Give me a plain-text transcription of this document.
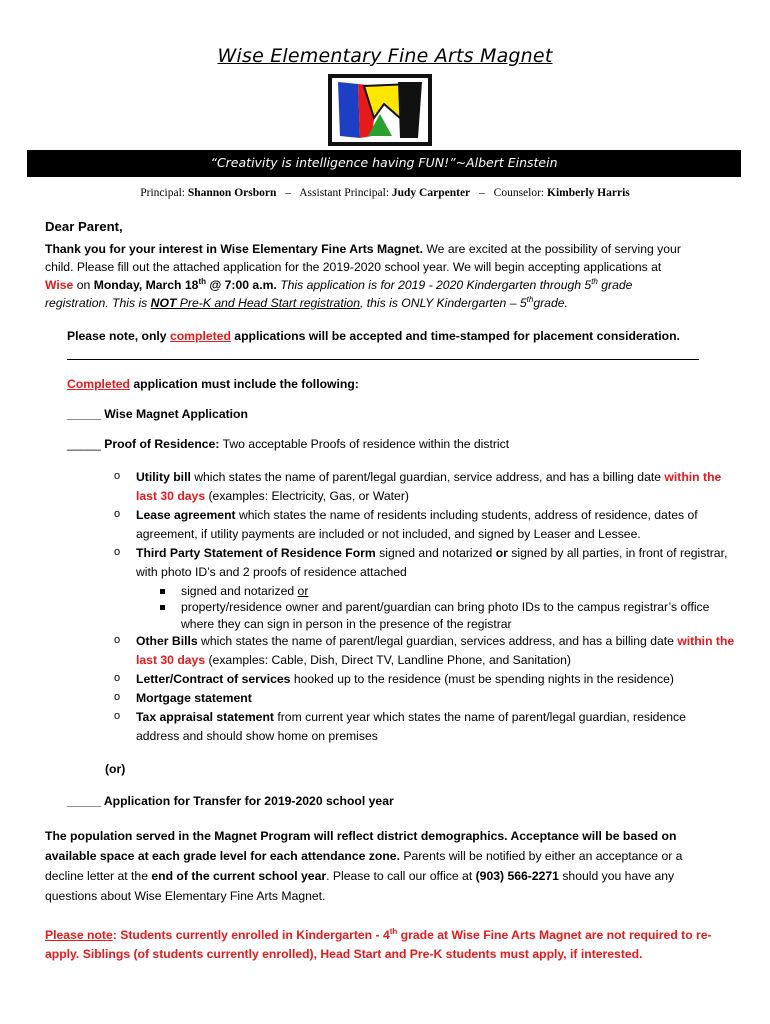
Wise Elementary Fine Arts Magnet
“Creativity is intelligence having FUN!”~Albert Einstein
Principal: Shannon Orsborn – Assistant Principal: Judy Carpenter – Counselor: Kimberly Harris
Dear Parent,
Thank you for your interest in Wise Elementary Fine Arts Magnet. We are excited at the possibility of serving your
child. Please fill out the attached application for the 2019-2020 school year. We will begin accepting applications at
Wise on Monday, March 18th @ 7:00 a.m. This application is for 2019 - 2020 Kindergarten through 5th grade
registration. This is NOT Pre-K and Head Start registration, this is ONLY Kindergarten – 5thgrade.
Please note, only completed applications will be accepted and time-stamped for placement consideration.
Completed application must include the following:
_____ Wise Magnet Application
_____ Proof of Residence: Two acceptable Proofs of residence within the district
o Utility bill which states the name of parent/legal guardian, service address, and has a billing date within the
last 30 days (examples: Electricity, Gas, or Water)
o Lease agreement which states the name of residents including students, address of residence, dates of
agreement, if utility payments are included or not included, and signed by Leaser and Lessee.
o Third Party Statement of Residence Form signed and notarized or signed by all parties, in front of registrar,
with photo ID’s and 2 proofs of residence attached
signed and notarized or
property/residence owner and parent/guardian can bring photo IDs to the campus registrar’s office
where they can sign in person in the presence of the registrar
o Other Bills which states the name of parent/legal guardian, services address, and has a billing date within the
last 30 days (examples: Cable, Dish, Direct TV, Landline Phone, and Sanitation)
o Letter/Contract of services hooked up to the residence (must be spending nights in the residence)
o Mortgage statement
o Tax appraisal statement from current year which states the name of parent/legal guardian, residence
address and should show home on premises
(or)
_____ Application for Transfer for 2019-2020 school year
The population served in the Magnet Program will reflect district demographics. Acceptance will be based on
available space at each grade level for each attendance zone. Parents will be notified by either an acceptance or a
decline letter at the end of the current school year. Please to call our office at (903) 566-2271 should you have any
questions about Wise Elementary Fine Arts Magnet.
Please note: Students currently enrolled in Kindergarten - 4th grade at Wise Fine Arts Magnet are not required to re-
apply. Siblings (of students currently enrolled), Head Start and Pre-K students must apply, if interested.
